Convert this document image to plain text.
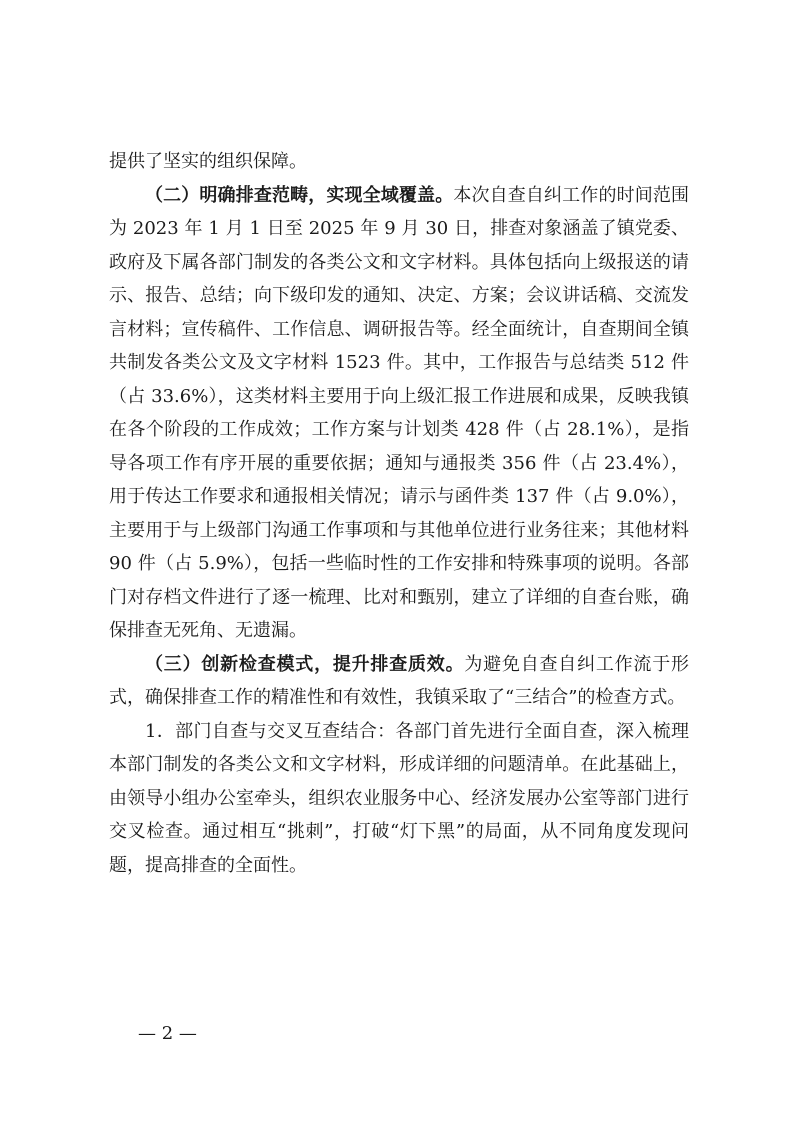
提供了坚实的组织保障。

（二）明确排查范畴，实现全域覆盖。本次自查自纠工作的时间范围为 2023 年 1 月 1 日至 2025 年 9 月 30 日，排查对象涵盖了镇党委、政府及下属各部门制发的各类公文和文字材料。具体包括向上级报送的请示、报告、总结；向下级印发的通知、决定、方案；会议讲话稿、交流发言材料；宣传稿件、工作信息、调研报告等。经全面统计，自查期间全镇共制发各类公文及文字材料 1523 件。其中，工作报告与总结类 512 件（占 33.6%），这类材料主要用于向上级汇报工作进展和成果，反映我镇在各个阶段的工作成效；工作方案与计划类 428 件（占 28.1%），是指导各项工作有序开展的重要依据；通知与通报类 356 件（占 23.4%），用于传达工作要求和通报相关情况；请示与函件类 137 件（占 9.0%），主要用于与上级部门沟通工作事项和与其他单位进行业务往来；其他材料 90 件（占 5.9%），包括一些临时性的工作安排和特殊事项的说明。各部门对存档文件进行了逐一梳理、比对和甄别，建立了详细的自查台账，确保排查无死角、无遗漏。

（三）创新检查模式，提升排查质效。为避免自查自纠工作流于形式，确保排查工作的精准性和有效性，我镇采取了“三结合”的检查方式。

1．部门自查与交叉互查结合：各部门首先进行全面自查，深入梳理本部门制发的各类公文和文字材料，形成详细的问题清单。在此基础上，由领导小组办公室牵头，组织农业服务中心、经济发展办公室等部门进行交叉检查。通过相互“挑刺”，打破“灯下黑”的局面，从不同角度发现问题，提高排查的全面性。

— 2 —
